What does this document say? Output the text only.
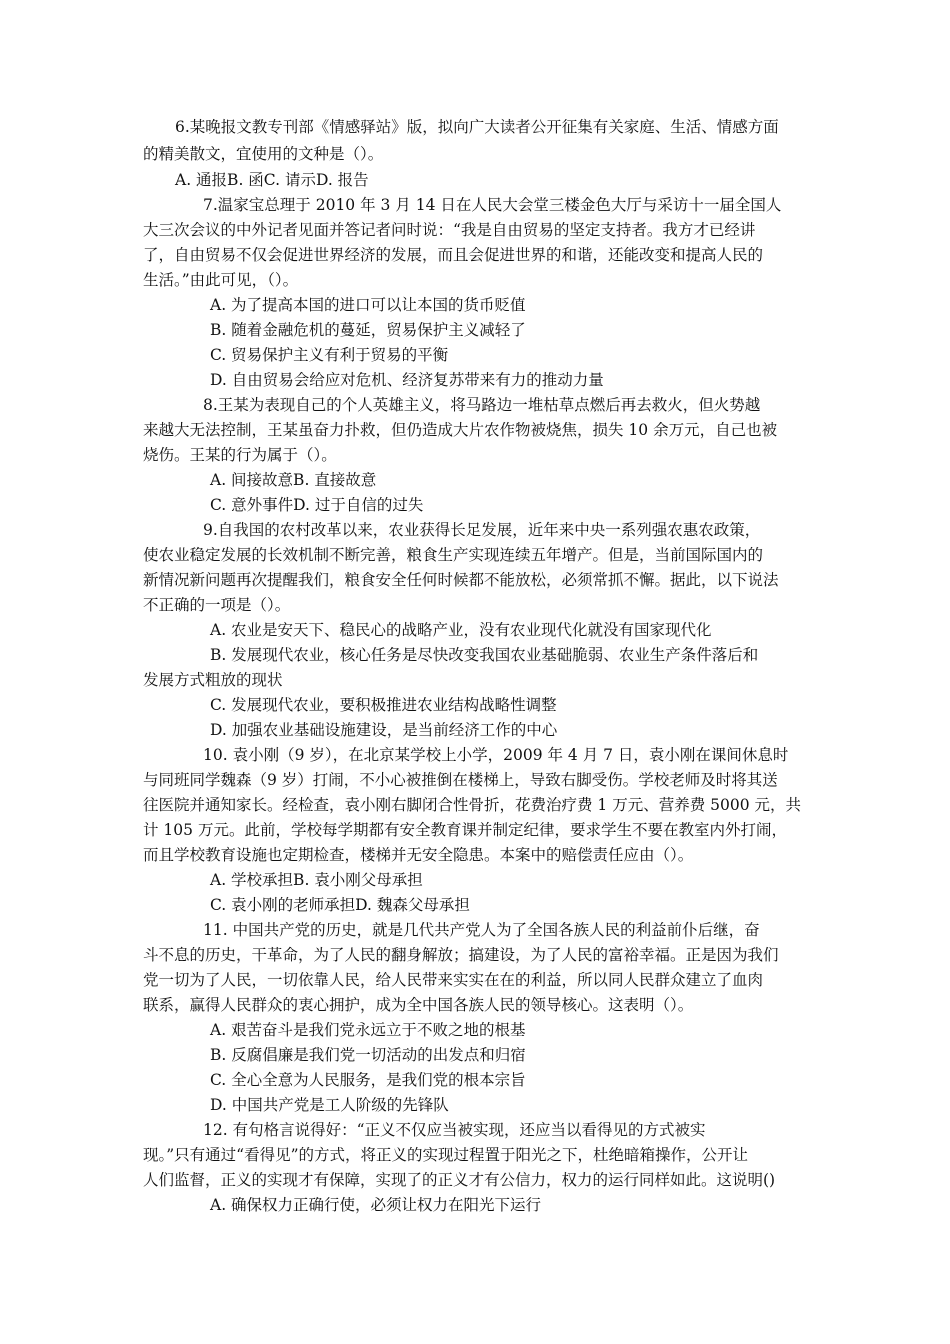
6.某晚报文教专刊部《情感驿站》版，拟向广大读者公开征集有关家庭、生活、情感方面
的精美散文，宜使用的文种是（）。
A. 通报B. 函C. 请示D. 报告
7.温家宝总理于 2010 年 3 月 14 日在人民大会堂三楼金色大厅与采访十一届全国人
大三次会议的中外记者见面并答记者问时说：“我是自由贸易的坚定支持者。我方才已经讲
了，自由贸易不仅会促进世界经济的发展，而且会促进世界的和谐，还能改变和提高人民的
生活。”由此可见，（）。
A. 为了提高本国的进口可以让本国的货币贬值
B. 随着金融危机的蔓延，贸易保护主义减轻了
C. 贸易保护主义有利于贸易的平衡
D. 自由贸易会给应对危机、经济复苏带来有力的推动力量
8.王某为表现自己的个人英雄主义，将马路边一堆枯草点燃后再去救火，但火势越
来越大无法控制，王某虽奋力扑救，但仍造成大片农作物被烧焦，损失 10 余万元，自己也被
烧伤。王某的行为属于（）。
A. 间接故意B. 直接故意
C. 意外事件D. 过于自信的过失
9.自我国的农村改革以来，农业获得长足发展，近年来中央一系列强农惠农政策，
使农业稳定发展的长效机制不断完善，粮食生产实现连续五年增产。但是，当前国际国内的
新情况新问题再次提醒我们，粮食安全任何时候都不能放松，必须常抓不懈。据此，以下说法
不正确的一项是（）。
A. 农业是安天下、稳民心的战略产业，没有农业现代化就没有国家现代化
B. 发展现代农业，核心任务是尽快改变我国农业基础脆弱、农业生产条件落后和
发展方式粗放的现状
C. 发展现代农业，要积极推进农业结构战略性调整
D. 加强农业基础设施建设，是当前经济工作的中心
10. 袁小刚（9 岁），在北京某学校上小学，2009 年 4 月 7 日，袁小刚在课间休息时
与同班同学魏森（9 岁）打闹，不小心被推倒在楼梯上，导致右脚受伤。学校老师及时将其送
往医院并通知家长。经检查，袁小刚右脚闭合性骨折，花费治疗费 1 万元、营养费 5000 元，共
计 105 万元。此前，学校每学期都有安全教育课并制定纪律，要求学生不要在教室内外打闹，
而且学校教育设施也定期检查，楼梯并无安全隐患。本案中的赔偿责任应由（）。
A. 学校承担B. 袁小刚父母承担
C. 袁小刚的老师承担D. 魏森父母承担
11. 中国共产党的历史，就是几代共产党人为了全国各族人民的利益前仆后继，奋
斗不息的历史，干革命，为了人民的翻身解放；搞建设，为了人民的富裕幸福。正是因为我们
党一切为了人民，一切依靠人民，给人民带来实实在在的利益，所以同人民群众建立了血肉
联系，赢得人民群众的衷心拥护，成为全中国各族人民的领导核心。这表明（）。
A. 艰苦奋斗是我们党永远立于不败之地的根基
B. 反腐倡廉是我们党一切活动的出发点和归宿
C. 全心全意为人民服务，是我们党的根本宗旨
D. 中国共产党是工人阶级的先锋队
12. 有句格言说得好：“正义不仅应当被实现，还应当以看得见的方式被实
现。”只有通过“看得见”的方式，将正义的实现过程置于阳光之下，杜绝暗箱操作，公开让
人们监督，正义的实现才有保障，实现了的正义才有公信力，权力的运行同样如此。这说明()
A. 确保权力正确行使，必须让权力在阳光下运行
